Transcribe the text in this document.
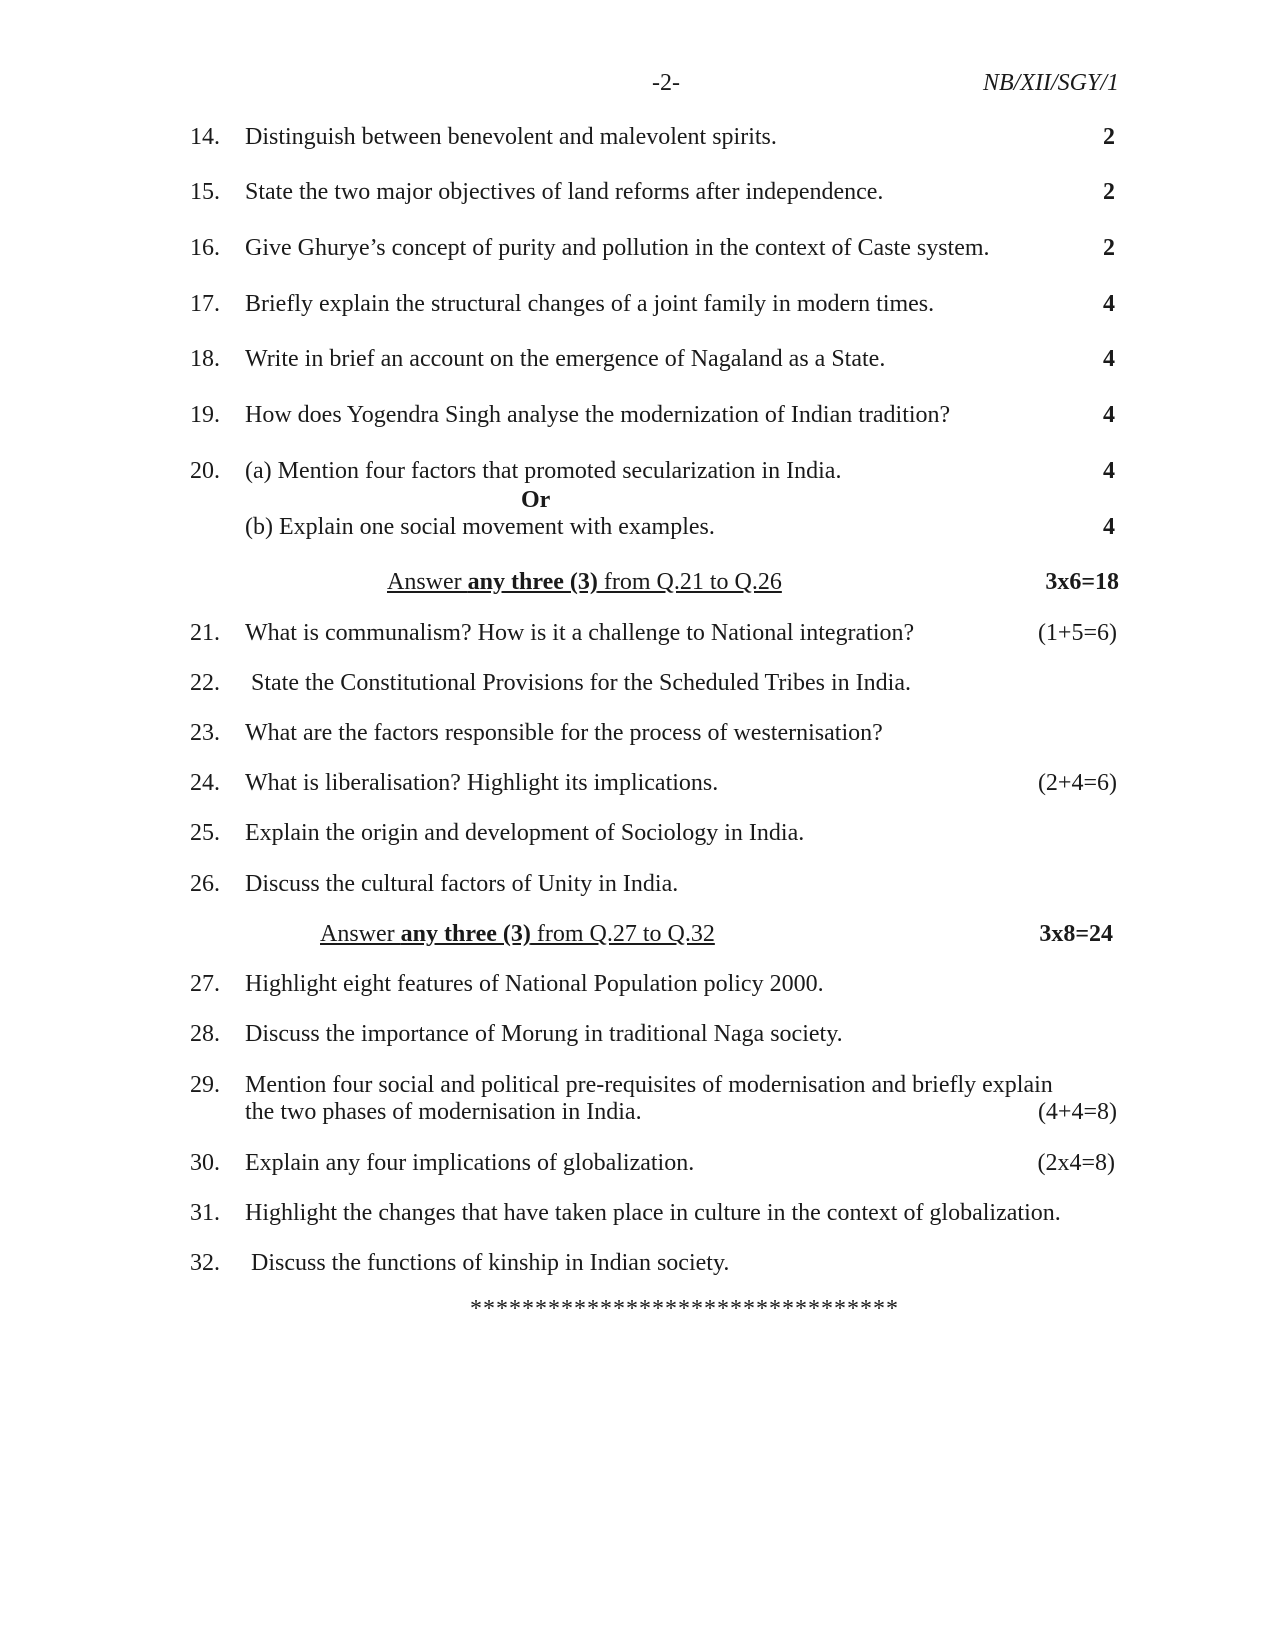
-2-	NB/XII/SGY/1
14.	Distinguish between benevolent and malevolent spirits.	2
15.	State the two major objectives of land reforms after independence.	2
16.	Give Ghurye’s concept of purity and pollution in the context of Caste system.	2
17.	Briefly explain the structural changes of a joint family in modern times.	4
18.	Write in brief an account on the emergence of Nagaland as a State.	4
19.	How does Yogendra Singh analyse the modernization of Indian tradition?	4
20.	(a) Mention four factors that promoted secularization in India.	4
Or
(b) Explain one social movement with examples.	4
Answer any three (3) from Q.21 to Q.26	3x6=18
21.	What is communalism? How is it a challenge to National integration?	(1+5=6)
22.	State the Constitutional Provisions for the Scheduled Tribes in India.
23.	What are the factors responsible for the process of westernisation?
24.	What is liberalisation? Highlight its implications.	(2+4=6)
25.	Explain the origin and development of Sociology in India.
26.	Discuss the cultural factors of Unity in India.
Answer any three (3) from Q.27 to Q.32	3x8=24
27.	Highlight eight features of National Population policy 2000.
28.	Discuss the importance of Morung in traditional Naga society.
29.	Mention four social and political pre-requisites of modernisation and briefly explain
the two phases of modernisation in India.	(4+4=8)
30.	Explain any four implications of globalization.	(2x4=8)
31.	Highlight the changes that have taken place in culture in the context of globalization.
32.	Discuss the functions of kinship in Indian society.
*********************************
